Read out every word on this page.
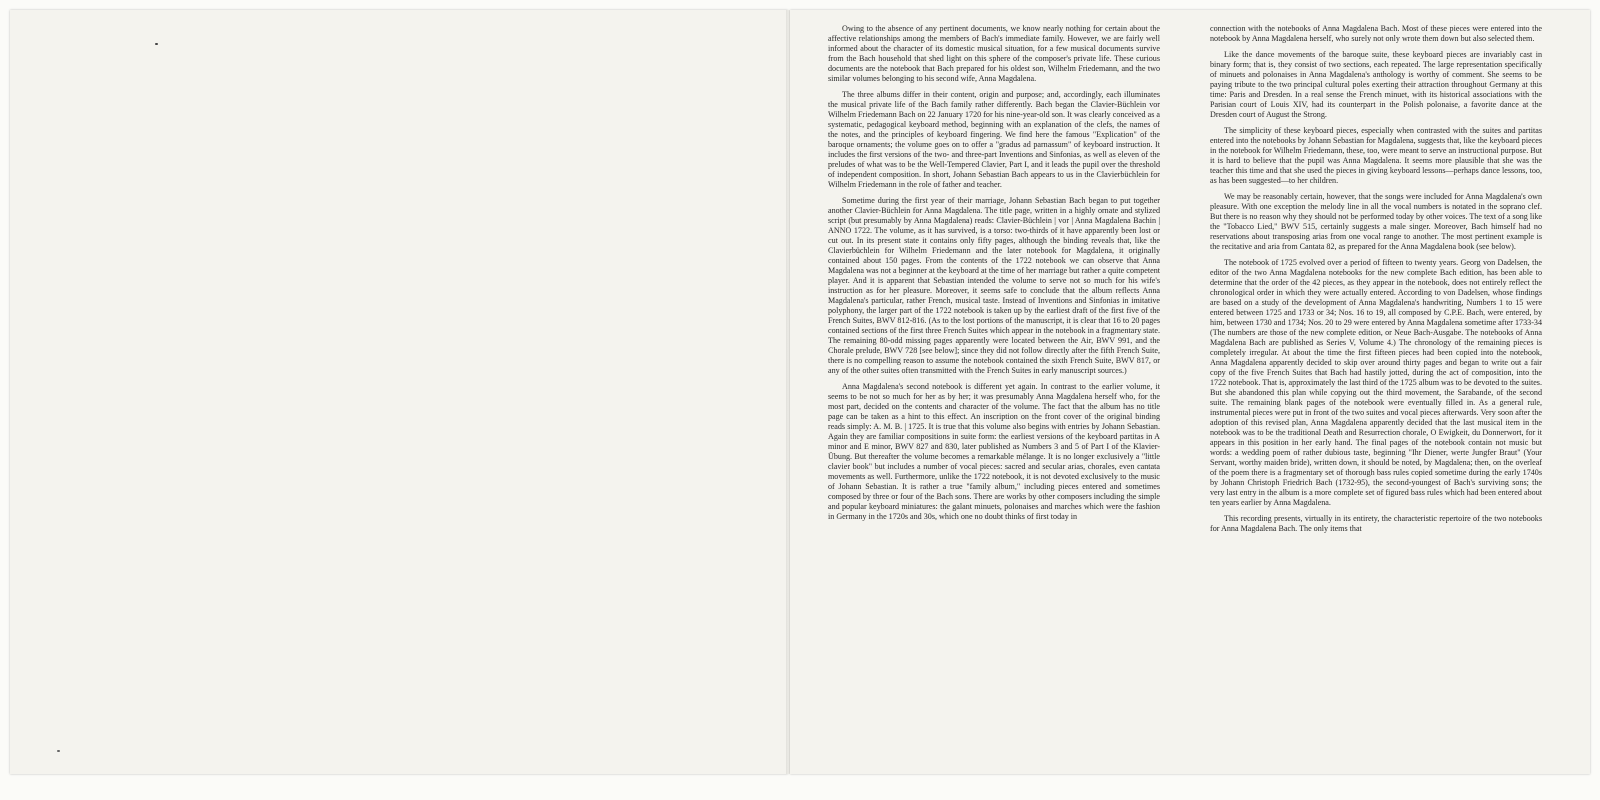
Owing to the absence of any pertinent documents, we know nearly nothing for certain about the affective relationships among the members of Bach's immediate family. However, we are fairly well informed about the character of its domestic musical situation, for a few musical documents survive from the Bach household that shed light on this sphere of the composer's private life. These curious documents are the notebook that Bach prepared for his oldest son, Wilhelm Friedemann, and the two similar volumes belonging to his second wife, Anna Magdalena.

The three albums differ in their content, origin and purpose; and, accordingly, each illuminates the musical private life of the Bach family rather differently. Bach began the Clavier-Büchlein vor Wilhelm Friedemann Bach on 22 January 1720 for his nine-year-old son. It was clearly conceived as a systematic, pedagogical keyboard method, beginning with an explanation of the clefs, the names of the notes, and the principles of keyboard fingering. We find here the famous "Explication" of the baroque ornaments; the volume goes on to offer a "gradus ad parnassum" of keyboard instruction. It includes the first versions of the two- and three-part Inventions and Sinfonias, as well as eleven of the preludes of what was to be the Well-Tempered Clavier, Part I, and it leads the pupil over the threshold of independent composition. In short, Johann Sebastian Bach appears to us in the Clavierbüchlein for Wilhelm Friedemann in the role of father and teacher.

Sometime during the first year of their marriage, Johann Sebastian Bach began to put together another Clavier-Büchlein for Anna Magdalena. The title page, written in a highly ornate and stylized script (but presumably by Anna Magdalena) reads: Clavier-Büchlein | vor | Anna Magdalena Bachin | ANNO 1722. The volume, as it has survived, is a torso: two-thirds of it have apparently been lost or cut out. In its present state it contains only fifty pages, although the binding reveals that, like the Clavierbüchlein for Wilhelm Friedemann and the later notebook for Magdalena, it originally contained about 150 pages. From the contents of the 1722 notebook we can observe that Anna Magdalena was not a beginner at the keyboard at the time of her marriage but rather a quite competent player. And it is apparent that Sebastian intended the volume to serve not so much for his wife's instruction as for her pleasure. Moreover, it seems safe to conclude that the album reflects Anna Magdalena's particular, rather French, musical taste. Instead of Inventions and Sinfonias in imitative polyphony, the larger part of the 1722 notebook is taken up by the earliest draft of the first five of the French Suites, BWV 812-816. (As to the lost portions of the manuscript, it is clear that 16 to 20 pages contained sections of the first three French Suites which appear in the notebook in a fragmentary state. The remaining 80-odd missing pages apparently were located between the Air, BWV 991, and the Chorale prelude, BWV 728 [see below]; since they did not follow directly after the fifth French Suite, there is no compelling reason to assume the notebook contained the sixth French Suite, BWV 817, or any of the other suites often transmitted with the French Suites in early manuscript sources.)

Anna Magdalena's second notebook is different yet again. In contrast to the earlier volume, it seems to be not so much for her as by her; it was presumably Anna Magdalena herself who, for the most part, decided on the contents and character of the volume. The fact that the album has no title page can be taken as a hint to this effect. An inscription on the front cover of the original binding reads simply: A. M. B. | 1725. It is true that this volume also begins with entries by Johann Sebastian. Again they are familiar compositions in suite form: the earliest versions of the keyboard partitas in A minor and E minor, BWV 827 and 830, later published as Numbers 3 and 5 of Part I of the Klavier-Übung. But thereafter the volume becomes a remarkable mélange. It is no longer exclusively a "little clavier book" but includes a number of vocal pieces: sacred and secular arias, chorales, even cantata movements as well. Furthermore, unlike the 1722 notebook, it is not devoted exclusively to the music of Johann Sebastian. It is rather a true "family album," including pieces entered and sometimes composed by three or four of the Bach sons. There are works by other composers including the simple and popular keyboard miniatures: the galant minuets, polonaises and marches which were the fashion in Germany in the 1720s and 30s, which one no doubt thinks of first today in

connection with the notebooks of Anna Magdalena Bach. Most of these pieces were entered into the notebook by Anna Magdalena herself, who surely not only wrote them down but also selected them.

Like the dance movements of the baroque suite, these keyboard pieces are invariably cast in binary form; that is, they consist of two sections, each repeated. The large representation specifically of minuets and polonaises in Anna Magdalena's anthology is worthy of comment. She seems to be paying tribute to the two principal cultural poles exerting their attraction throughout Germany at this time: Paris and Dresden. In a real sense the French minuet, with its historical associations with the Parisian court of Louis XIV, had its counterpart in the Polish polonaise, a favorite dance at the Dresden court of August the Strong.

The simplicity of these keyboard pieces, especially when contrasted with the suites and partitas entered into the notebooks by Johann Sebastian for Magdalena, suggests that, like the keyboard pieces in the notebook for Wilhelm Friedemann, these, too, were meant to serve an instructional purpose. But it is hard to believe that the pupil was Anna Magdalena. It seems more plausible that she was the teacher this time and that she used the pieces in giving keyboard lessons—perhaps dance lessons, too, as has been suggested—to her children.

We may be reasonably certain, however, that the songs were included for Anna Magdalena's own pleasure. With one exception the melody line in all the vocal numbers is notated in the soprano clef. But there is no reason why they should not be performed today by other voices. The text of a song like the "Tobacco Lied," BWV 515, certainly suggests a male singer. Moreover, Bach himself had no reservations about transposing arias from one vocal range to another. The most pertinent example is the recitative and aria from Cantata 82, as prepared for the Anna Magdalena book (see below).

The notebook of 1725 evolved over a period of fifteen to twenty years. Georg von Dadelsen, the editor of the two Anna Magdalena notebooks for the new complete Bach edition, has been able to determine that the order of the 42 pieces, as they appear in the notebook, does not entirely reflect the chronological order in which they were actually entered. According to von Dadelsen, whose findings are based on a study of the development of Anna Magdalena's handwriting, Numbers 1 to 15 were entered between 1725 and 1733 or 34; Nos. 16 to 19, all composed by C.P.E. Bach, were entered, by him, between 1730 and 1734; Nos. 20 to 29 were entered by Anna Magdalena sometime after 1733-34 (The numbers are those of the new complete edition, or Neue Bach-Ausgabe. The notebooks of Anna Magdalena Bach are published as Series V, Volume 4.) The chronology of the remaining pieces is completely irregular. At about the time the first fifteen pieces had been copied into the notebook, Anna Magdalena apparently decided to skip over around thirty pages and began to write out a fair copy of the five French Suites that Bach had hastily jotted, during the act of composition, into the 1722 notebook. That is, approximately the last third of the 1725 album was to be devoted to the suites. But she abandoned this plan while copying out the third movement, the Sarabande, of the second suite. The remaining blank pages of the notebook were eventually filled in. As a general rule, instrumental pieces were put in front of the two suites and vocal pieces afterwards. Very soon after the adoption of this revised plan, Anna Magdalena apparently decided that the last musical item in the notebook was to be the traditional Death and Resurrection chorale, O Ewigkeit, du Donnerwort, for it appears in this position in her early hand. The final pages of the notebook contain not music but words: a wedding poem of rather dubious taste, beginning "Ihr Diener, werte Jungfer Braut" (Your Servant, worthy maiden bride), written down, it should be noted, by Magdalena; then, on the overleaf of the poem there is a fragmentary set of thorough bass rules copied sometime during the early 1740s by Johann Christoph Friedrich Bach (1732-95), the second-youngest of Bach's surviving sons; the very last entry in the album is a more complete set of figured bass rules which had been entered about ten years earlier by Anna Magdalena.

This recording presents, virtually in its entirety, the characteristic repertoire of the two notebooks for Anna Magdalena Bach. The only items that
